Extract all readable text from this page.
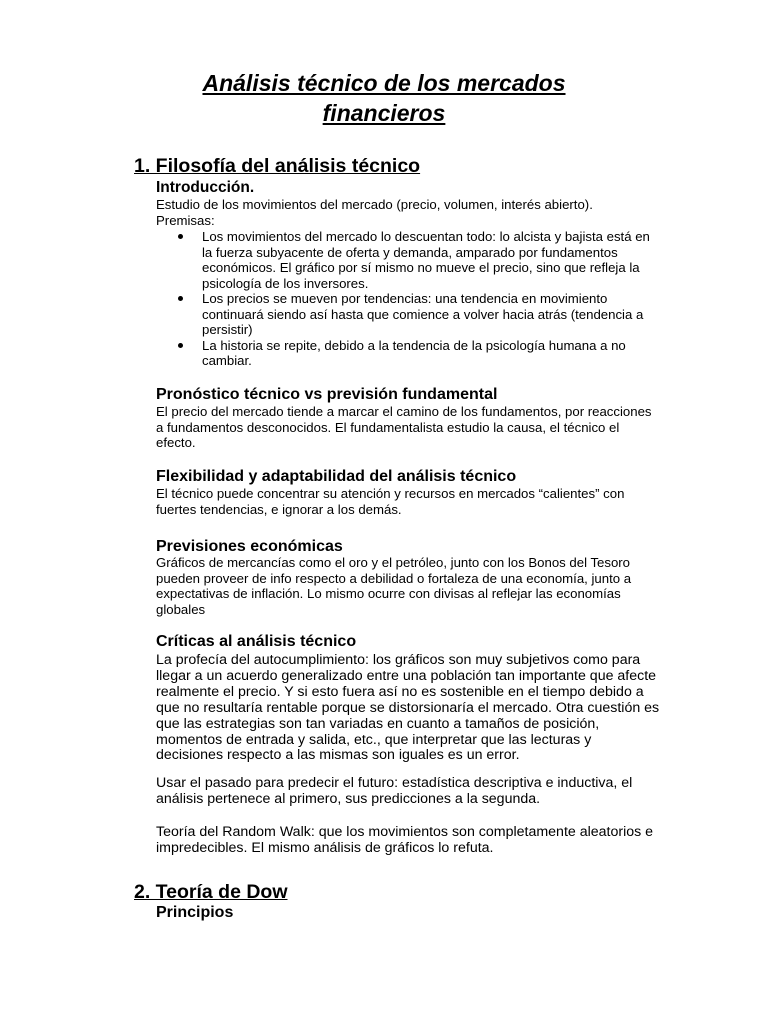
Análisis técnico de los mercados financieros
1. Filosofía del análisis técnico
Introducción.

Estudio de los movimientos del mercado (precio, volumen, interés abierto).

Premisas:

Los movimientos del mercado lo descuentan todo: lo alcista y bajista está en la fuerza subyacente de oferta y demanda, amparado por fundamentos económicos. El gráfico por sí mismo no mueve el precio, sino que refleja la psicología de los inversores.
Los precios se mueven por tendencias: una tendencia en movimiento continuará siendo así hasta que comience a volver hacia atrás (tendencia a persistir)
La historia se repite, debido a la tendencia de la psicología humana a no cambiar.
Pronóstico técnico vs previsión fundamental

El precio del mercado tiende a marcar el camino de los fundamentos, por reacciones a fundamentos desconocidos. El fundamentalista estudio la causa, el técnico el efecto.

Flexibilidad y adaptabilidad del análisis técnico

El técnico puede concentrar su atención y recursos en mercados “calientes” con fuertes tendencias, e ignorar a los demás.

Previsiones económicas

Gráficos de mercancías como el oro y el petróleo, junto con los Bonos del Tesoro pueden proveer de info respecto a debilidad o fortaleza de una economía, junto a expectativas de inflación. Lo mismo ocurre con divisas al reflejar las economías globales

Críticas al análisis técnico

La profecía del autocumplimiento: los gráficos son muy subjetivos como para llegar a un acuerdo generalizado entre una población tan importante que afecte realmente el precio. Y si esto fuera así no es sostenible en el tiempo debido a que no resultaría rentable porque se distorsionaría el mercado. Otra cuestión es que las estrategias son tan variadas en cuanto a tamaños de posición, momentos de entrada y salida, etc., que interpretar que las lecturas y decisiones respecto a las mismas son iguales es un error.

Usar el pasado para predecir el futuro: estadística descriptiva e inductiva, el análisis pertenece al primero, sus predicciones a la segunda.

Teoría del Random Walk: que los movimientos son completamente aleatorios e impredecibles. El mismo análisis de gráficos lo refuta.

2. Teoría de Dow
Principios
